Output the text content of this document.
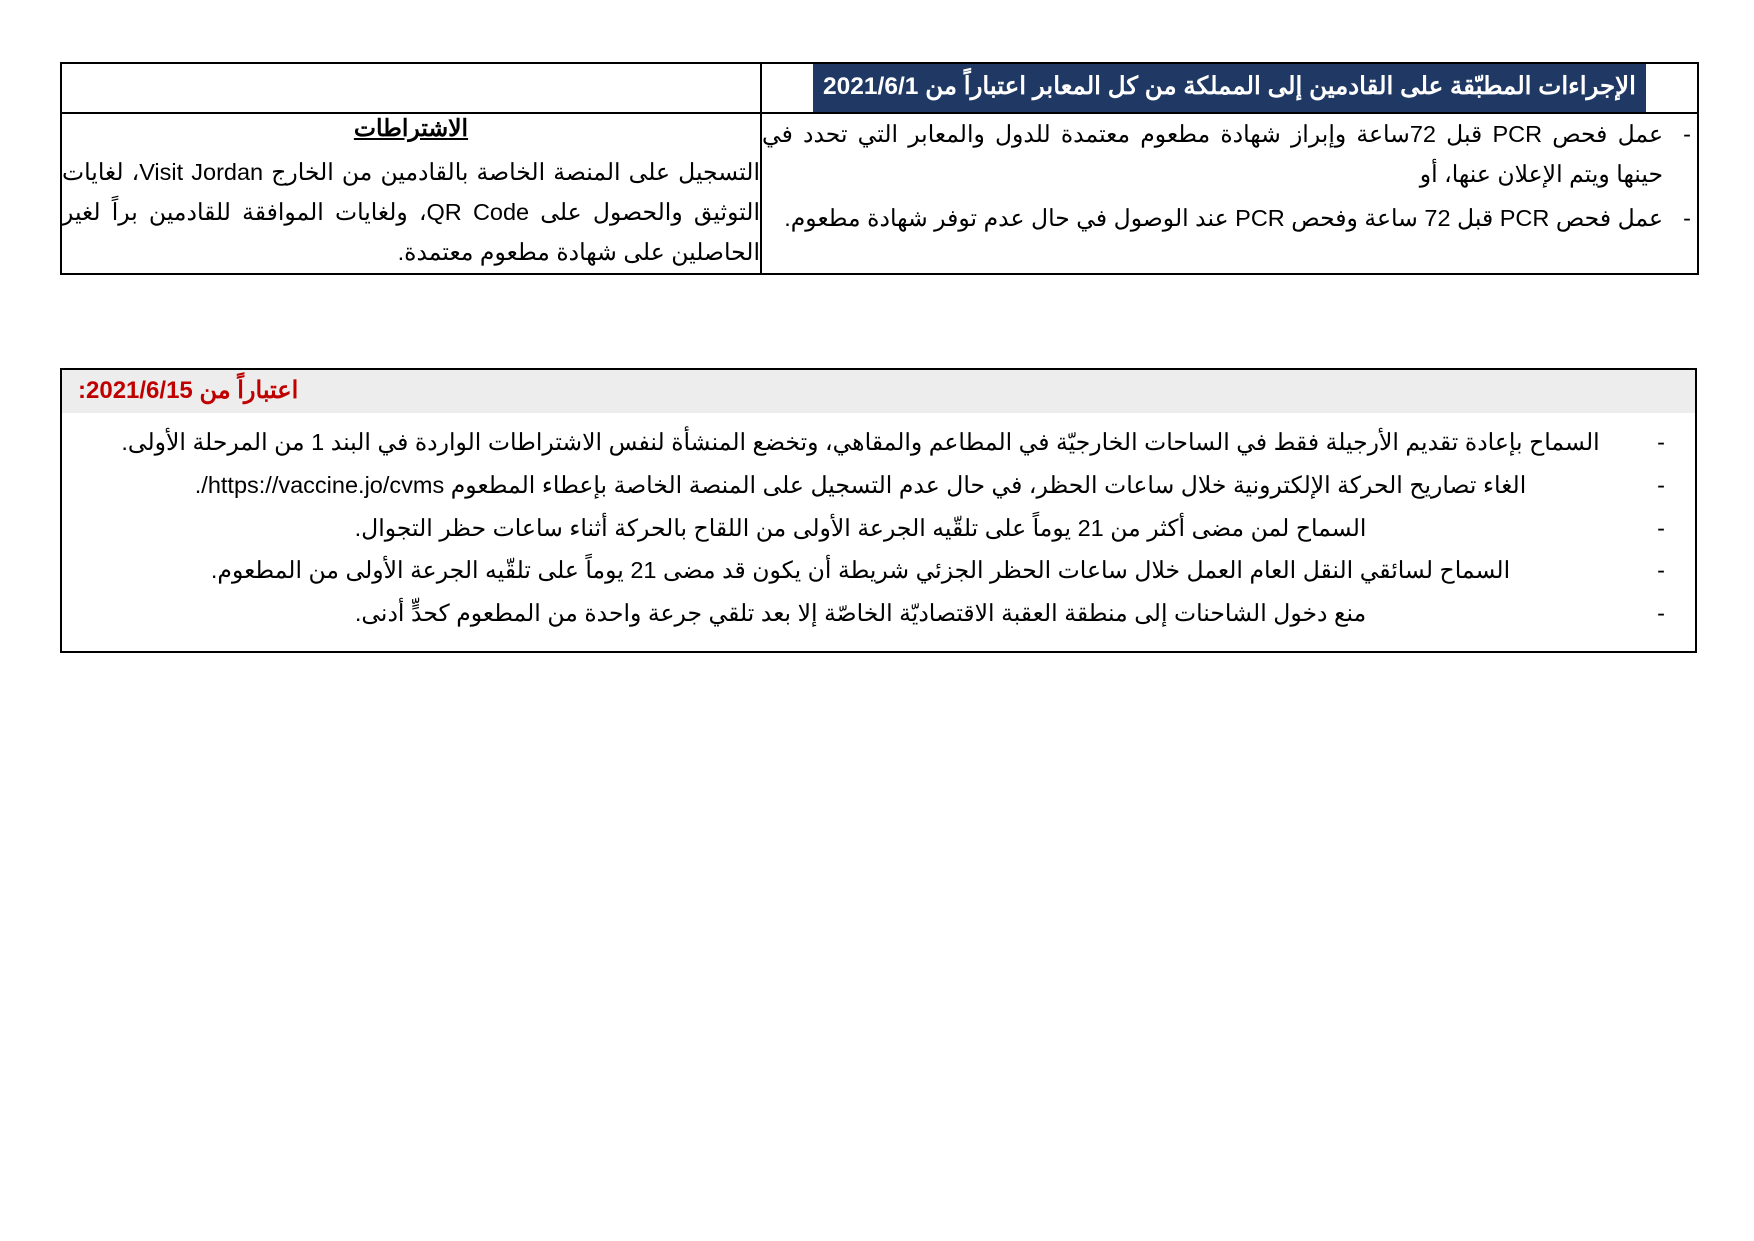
الإجراءات المطبّقة على القادمين إلى المملكة من كل المعابر اعتباراً من 2021/6/1	

- عمل فحص PCR قبل 72ساعة وإبراز شهادة مطعوم معتمدة للدول والمعابر التي تحدد في حينها ويتم الإعلان عنها، أو
- عمل فحص PCR قبل 72 ساعة وفحص PCR عند الوصول في حال عدم توفر شهادة مطعوم.

الاشتراطات

التسجيل على المنصة الخاصة بالقادمين من الخارج Visit Jordan، لغايات التوثيق والحصول على QR Code، ولغايات الموافقة للقادمين براً لغير الحاصلين على شهادة مطعوم معتمدة.

اعتباراً من 2021/6/15:
- السماح بإعادة تقديم الأرجيلة فقط في الساحات الخارجيّة في المطاعم والمقاهي، وتخضع المنشأة لنفس الاشتراطات الواردة في البند 1 من المرحلة الأولى.
- الغاء تصاريح الحركة الإلكترونية خلال ساعات الحظر، في حال عدم التسجيل على المنصة الخاصة بإعطاء المطعوم https://vaccine.jo/cvms/.
- السماح لمن مضى أكثر من 21 يوماً على تلقّيه الجرعة الأولى من اللقاح بالحركة أثناء ساعات حظر التجوال.
- السماح لسائقي النقل العام العمل خلال ساعات الحظر الجزئي شريطة أن يكون قد مضى 21 يوماً على تلقّيه الجرعة الأولى من المطعوم.
- منع دخول الشاحنات إلى منطقة العقبة الاقتصاديّة الخاصّة إلا بعد تلقي جرعة واحدة من المطعوم كحدٍّ أدنى.
